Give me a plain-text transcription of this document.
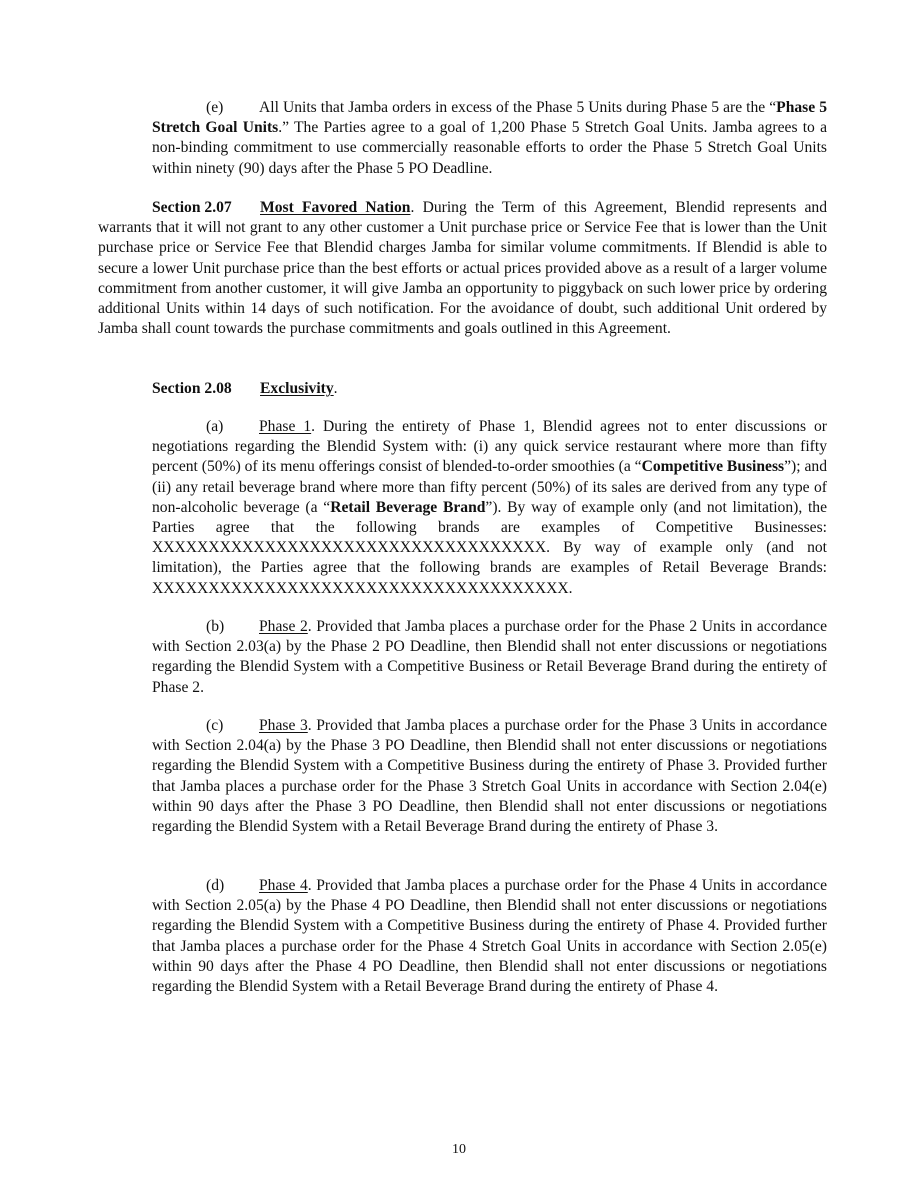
(e) All Units that Jamba orders in excess of the Phase 5 Units during Phase 5 are the “Phase 5 Stretch Goal Units.” The Parties agree to a goal of 1,200 Phase 5 Stretch Goal Units. Jamba agrees to a non-binding commitment to use commercially reasonable efforts to order the Phase 5 Stretch Goal Units within ninety (90) days after the Phase 5 PO Deadline.

Section 2.07 Most Favored Nation. During the Term of this Agreement, Blendid represents and warrants that it will not grant to any other customer a Unit purchase price or Service Fee that is lower than the Unit purchase price or Service Fee that Blendid charges Jamba for similar volume commitments. If Blendid is able to secure a lower Unit purchase price than the best efforts or actual prices provided above as a result of a larger volume commitment from another customer, it will give Jamba an opportunity to piggyback on such lower price by ordering additional Units within 14 days of such notification. For the avoidance of doubt, such additional Unit ordered by Jamba shall count towards the purchase commitments and goals outlined in this Agreement.

Section 2.08 Exclusivity.

(a) Phase 1. During the entirety of Phase 1, Blendid agrees not to enter discussions or negotiations regarding the Blendid System with: (i) any quick service restaurant where more than fifty percent (50%) of its menu offerings consist of blended-to-order smoothies (a “Competitive Business”); and (ii) any retail beverage brand where more than fifty percent (50%) of its sales are derived from any type of non-alcoholic beverage (a “Retail Beverage Brand”). By way of example only (and not limitation), the Parties agree that the following brands are examples of Competitive Businesses: XXXXXXXXXXXXXXXXXXXXXXXXXXXXXXXXXXX. By way of example only (and not limitation), the Parties agree that the following brands are examples of Retail Beverage Brands: XXXXXXXXXXXXXXXXXXXXXXXXXXXXXXXXXXXXX.

(b) Phase 2. Provided that Jamba places a purchase order for the Phase 2 Units in accordance with Section 2.03(a) by the Phase 2 PO Deadline, then Blendid shall not enter discussions or negotiations regarding the Blendid System with a Competitive Business or Retail Beverage Brand during the entirety of Phase 2.

(c) Phase 3. Provided that Jamba places a purchase order for the Phase 3 Units in accordance with Section 2.04(a) by the Phase 3 PO Deadline, then Blendid shall not enter discussions or negotiations regarding the Blendid System with a Competitive Business during the entirety of Phase 3. Provided further that Jamba places a purchase order for the Phase 3 Stretch Goal Units in accordance with Section 2.04(e) within 90 days after the Phase 3 PO Deadline, then Blendid shall not enter discussions or negotiations regarding the Blendid System with a Retail Beverage Brand during the entirety of Phase 3.

(d) Phase 4. Provided that Jamba places a purchase order for the Phase 4 Units in accordance with Section 2.05(a) by the Phase 4 PO Deadline, then Blendid shall not enter discussions or negotiations regarding the Blendid System with a Competitive Business during the entirety of Phase 4. Provided further that Jamba places a purchase order for the Phase 4 Stretch Goal Units in accordance with Section 2.05(e) within 90 days after the Phase 4 PO Deadline, then Blendid shall not enter discussions or negotiations regarding the Blendid System with a Retail Beverage Brand during the entirety of Phase 4.

10
